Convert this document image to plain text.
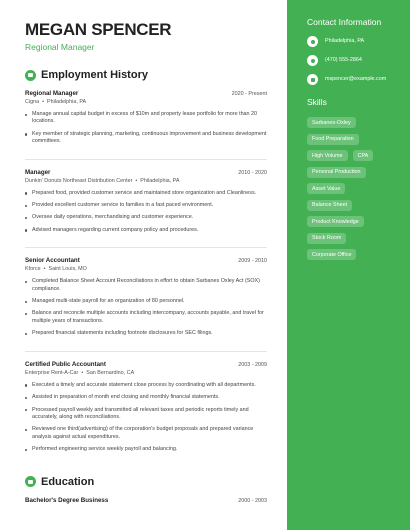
MEGAN SPENCER
Regional Manager
Employment History
Regional Manager	2020 - Present
Cigna • Philadelphia, PA
Manage annual capital budget in excess of $10m and property lease portfolio for more than 20 locations.
Key member of strategic planning, marketing, continuous improvement and business development committees.
Manager	2010 - 2020
Dunkin' Donuts Northeast Distribution Center • Philadelphia, PA
Prepared food, provided customer service and maintained store organization and Cleanliness.
Provided excellent customer service to families in a fast paced environment.
Oversee daily operations, merchandising and customer experience.
Advised managers regarding current company policy and procedures.
Senior Accountant	2009 - 2010
Kforce • Saint Louis, MO
Completed Balance Sheet Account Reconciliations in effort to obtain Sarbanes Oxley Act (SOX) compliance.
Managed multi-state payroll for an organization of 80 personnel.
Balance and reconcile multiple accounts including intercompany, accounts payable, and travel for multiple years of transactions.
Prepared financial statements including footnote disclosures for SEC filings.
Certified Public Accountant	2003 - 2009
Enterprise Rent-A-Car • San Bernardino, CA
Executed a timely and accurate statement close process by coordinating with all departments.
Assisted in preparation of month end closing and monthly financial statements.
Processed payroll weekly and transmitted all relevant taxes and periodic reports timely and accurately, along with reconciliations.
Reviewed one third(advertising) of the corporation's budget proposals and prepared variance analysis against actual expenditures.
Performed engineering service weekly payroll and balancing.
Education
Bachelor's Degree Business	2000 - 2003
Contact Information
Philadelphia, PA
(470) 555-2864
mspencer@example.com
Skills
Sarbanes-Oxley
Food Preparation
High Volume	CPA
Personal Production
Asset Value
Balance Sheet
Product Knowledge
Stock Room
Corporate Office
